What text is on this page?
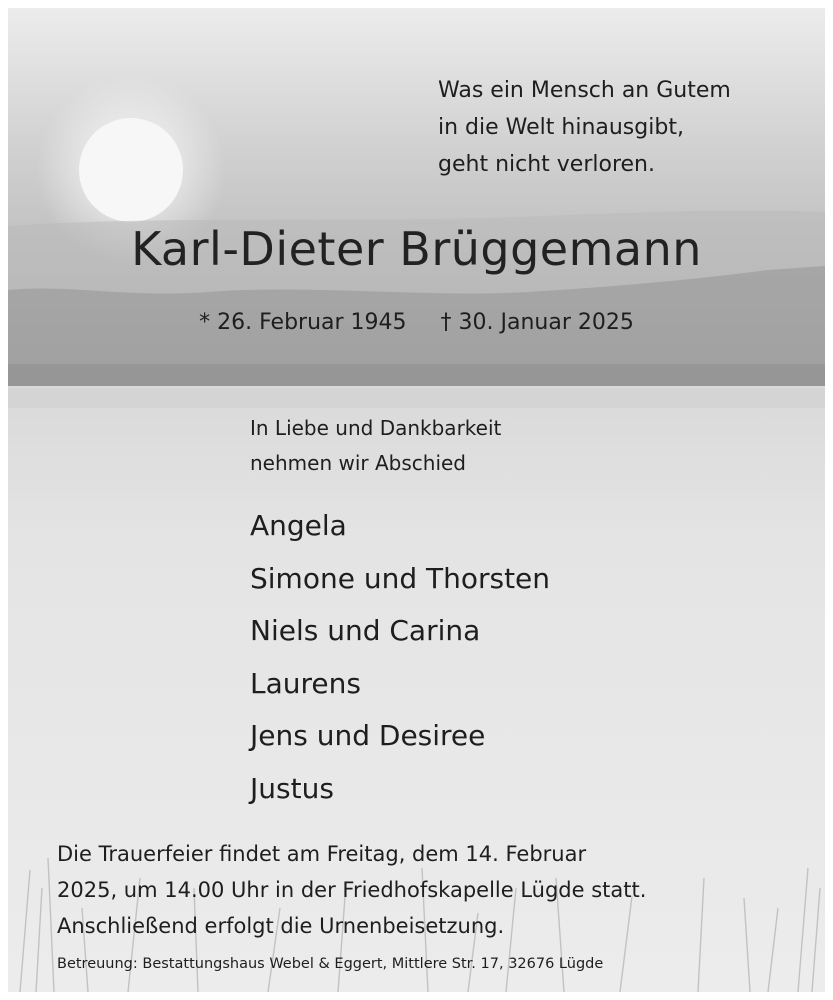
Was ein Mensch an Gutem
in die Welt hinausgibt,
geht nicht verloren.

Karl-Dieter Brüggemann

* 26. Februar 1945 † 30. Januar 2025

In Liebe und Dankbarkeit
nehmen wir Abschied

Angela
Simone und Thorsten
Niels und Carina
Laurens
Jens und Desiree
Justus

Die Trauerfeier findet am Freitag, dem 14. Februar
2025, um 14.00 Uhr in der Friedhofskapelle Lügde statt.
Anschließend erfolgt die Urnenbeisetzung.

Betreuung: Bestattungshaus Webel & Eggert, Mittlere Str. 17, 32676 Lügde
